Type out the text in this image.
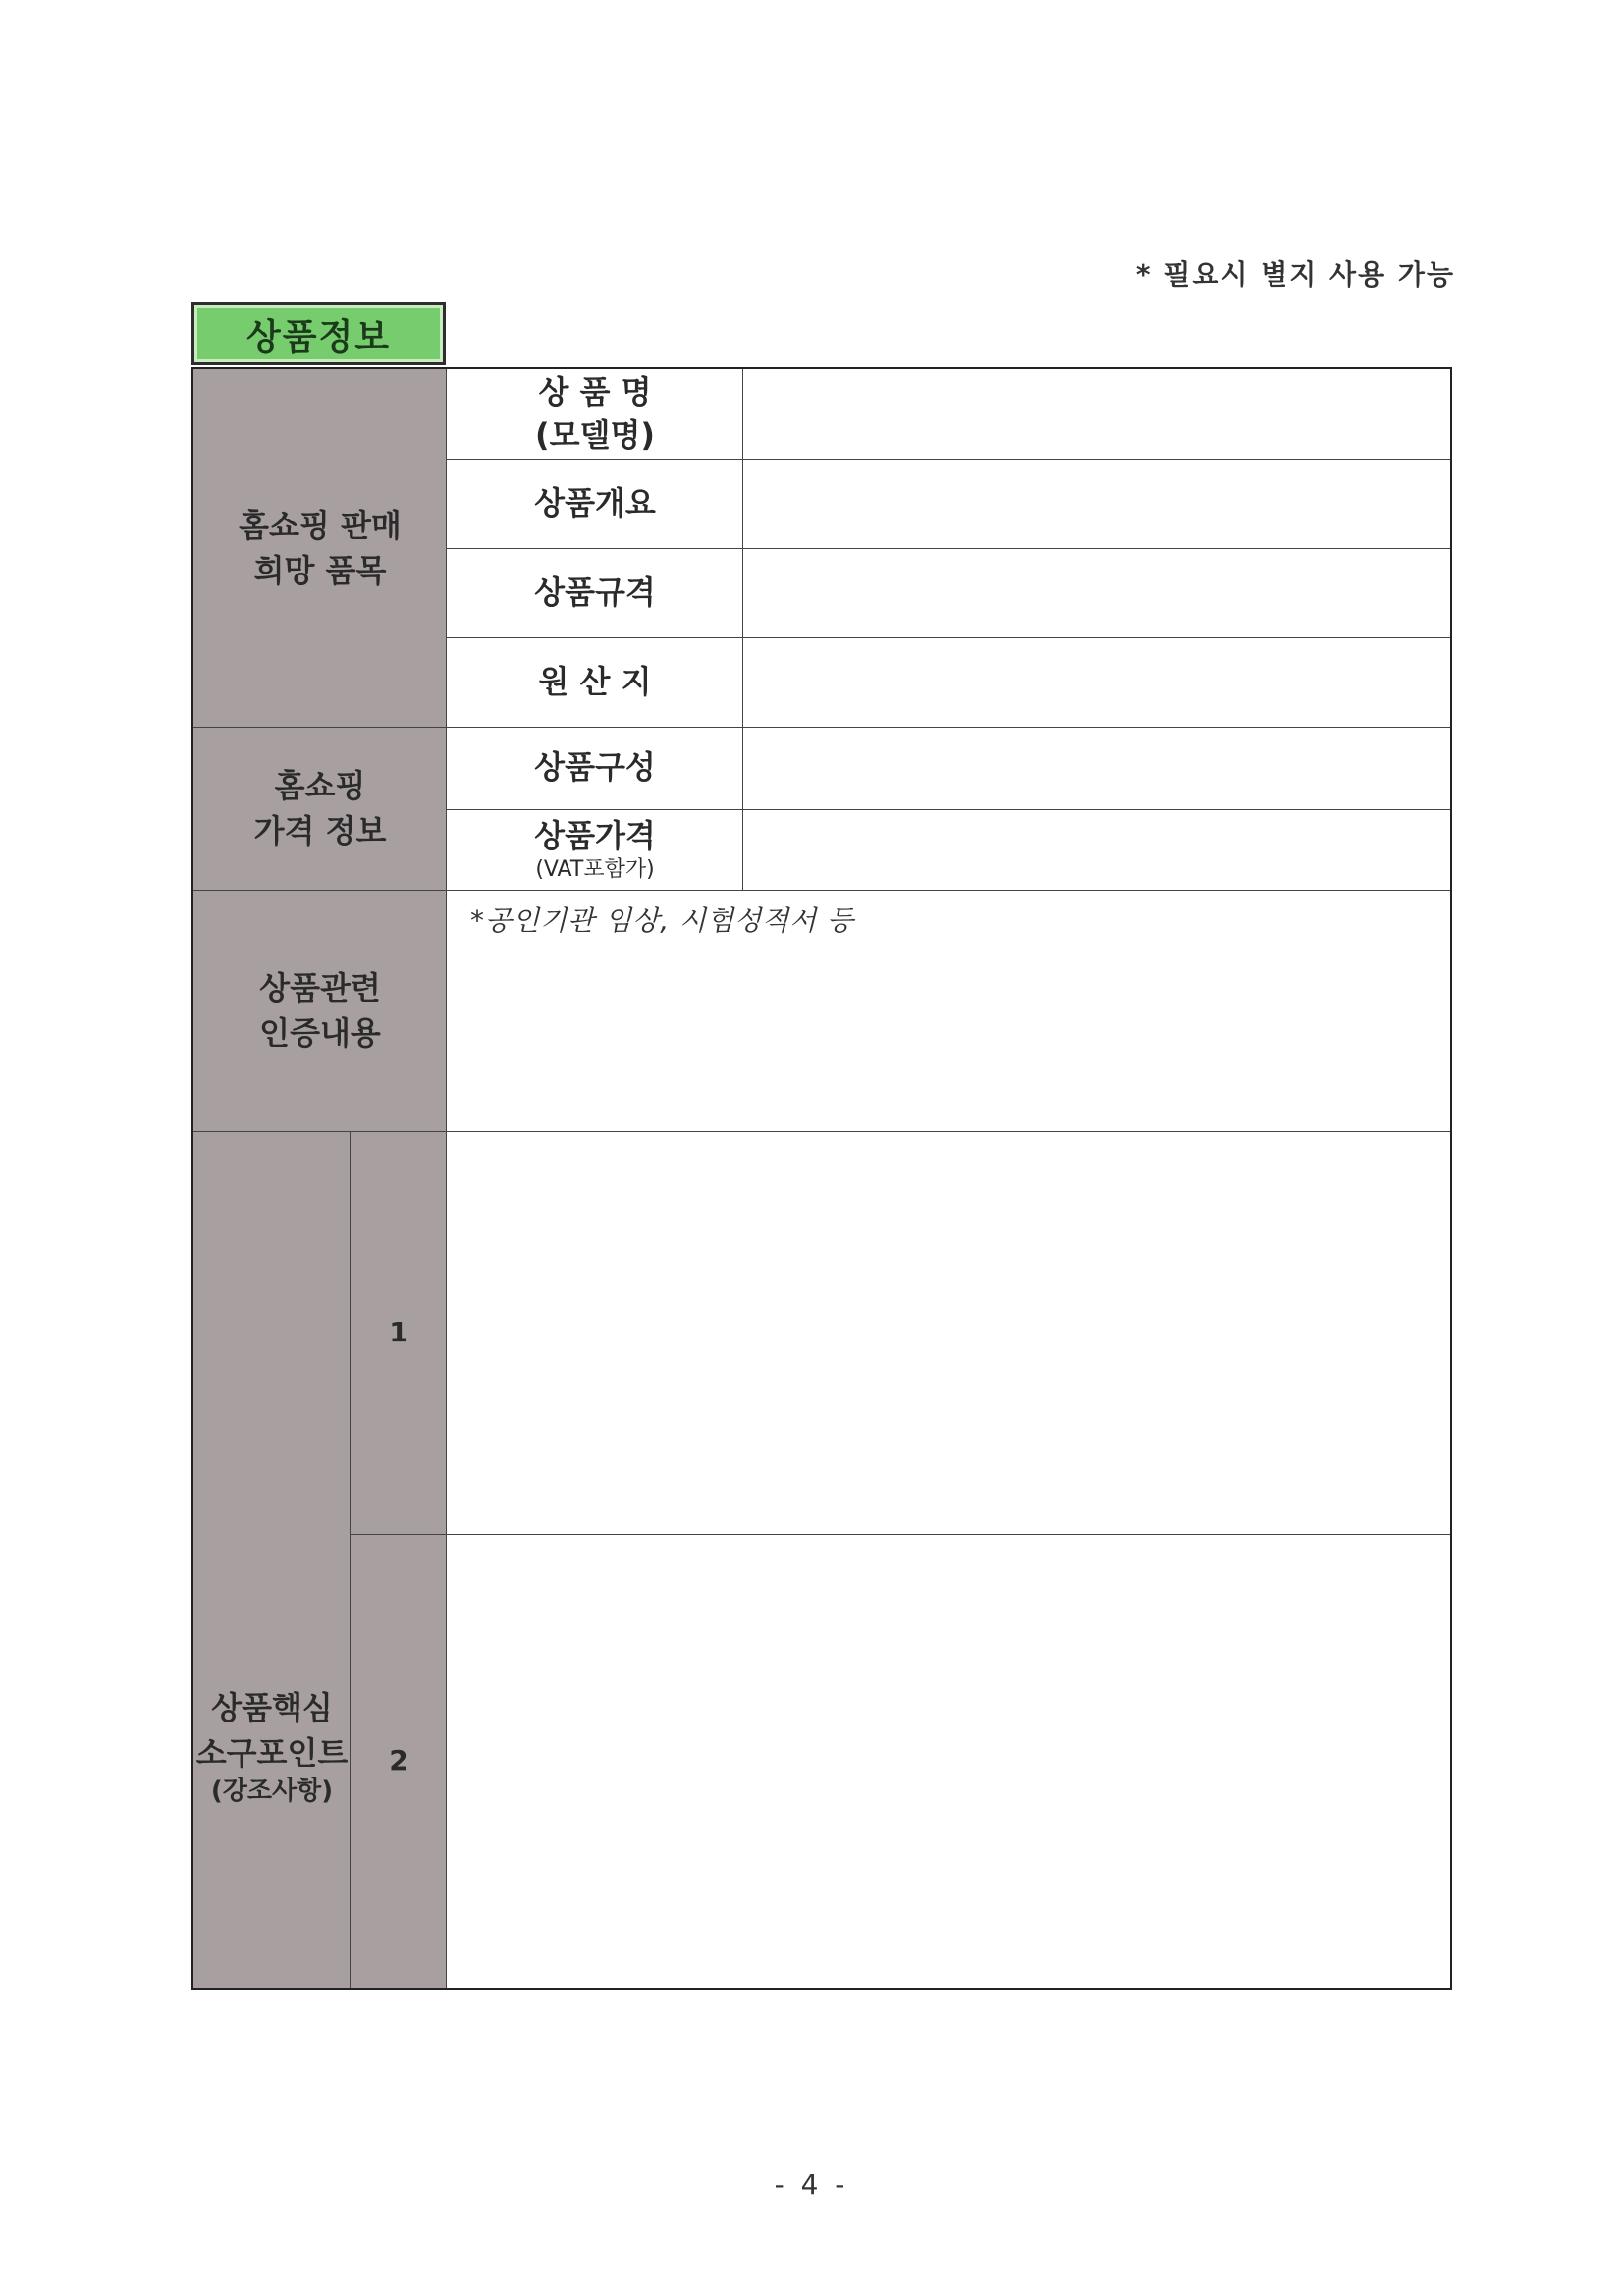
* 필요시 별지 사용 가능
상품정보
홈쇼핑 판매
희망 품목
홈쇼핑
가격 정보
상품관련
인증내용
상품핵심
소구포인트
(강조사항)
1
2
상 품 명
(모델명)
상품개요
상품규격
원 산 지
상품구성
상품가격
(VAT포함가)
*공인기관 임상, 시험성적서 등
- 4 -
